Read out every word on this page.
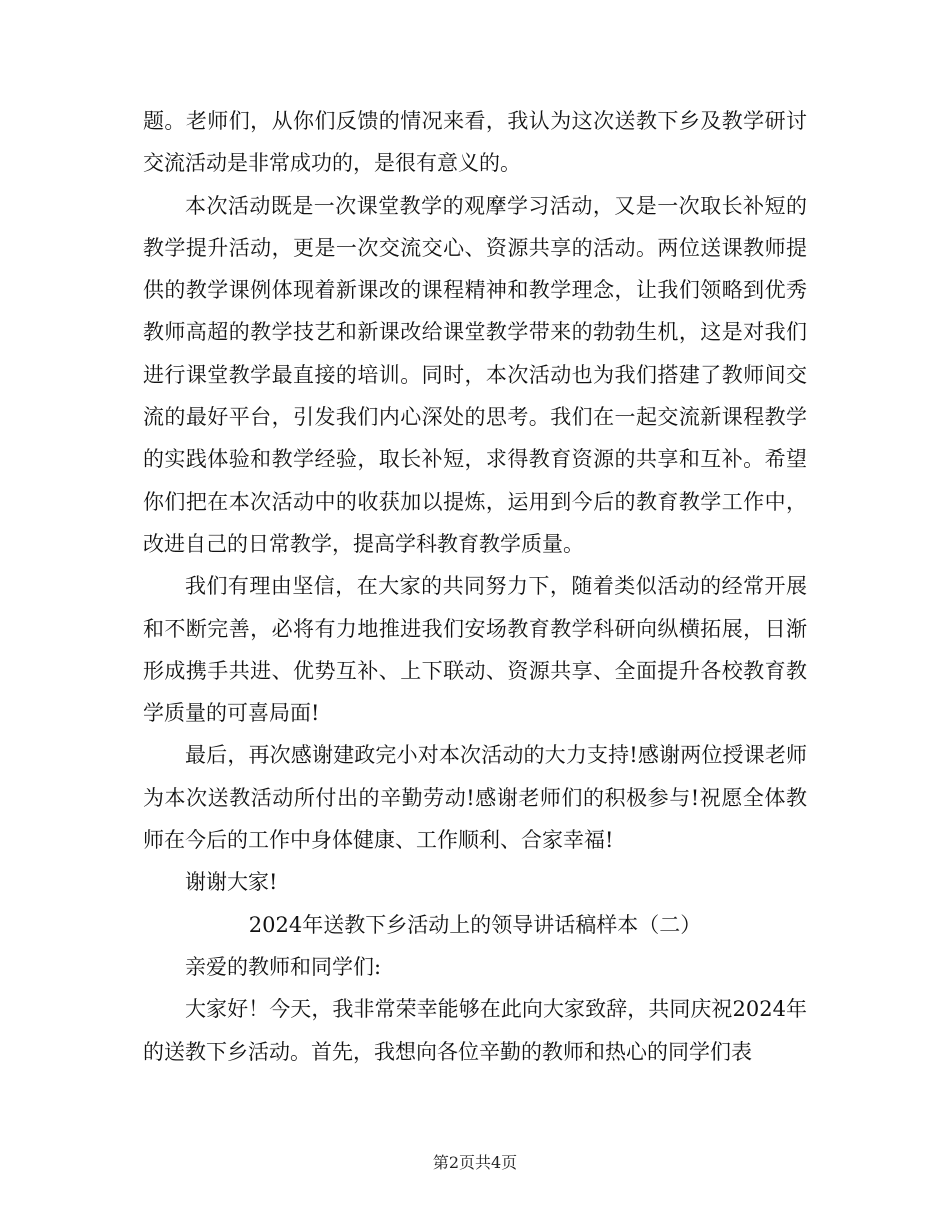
题。老师们，从你们反馈的情况来看，我认为这次送教下乡及教学研讨交流活动是非常成功的，是很有意义的。

本次活动既是一次课堂教学的观摩学习活动，又是一次取长补短的教学提升活动，更是一次交流交心、资源共享的活动。两位送课教师提供的教学课例体现着新课改的课程精神和教学理念，让我们领略到优秀教师高超的教学技艺和新课改给课堂教学带来的勃勃生机，这是对我们进行课堂教学最直接的培训。同时，本次活动也为我们搭建了教师间交流的最好平台，引发我们内心深处的思考。我们在一起交流新课程教学的实践体验和教学经验，取长补短，求得教育资源的共享和互补。希望你们把在本次活动中的收获加以提炼，运用到今后的教育教学工作中，改进自己的日常教学，提高学科教育教学质量。

我们有理由坚信，在大家的共同努力下，随着类似活动的经常开展和不断完善，必将有力地推进我们安场教育教学科研向纵横拓展，日渐形成携手共进、优势互补、上下联动、资源共享、全面提升各校教育教学质量的可喜局面!

最后，再次感谢建政完小对本次活动的大力支持!感谢两位授课老师为本次送教活动所付出的辛勤劳动!感谢老师们的积极参与!祝愿全体教师在今后的工作中身体健康、工作顺利、合家幸福!

谢谢大家!

2024年送教下乡活动上的领导讲话稿样本（二）

亲爱的教师和同学们:

大家好！今天，我非常荣幸能够在此向大家致辞，共同庆祝2024年的送教下乡活动。首先，我想向各位辛勤的教师和热心的同学们表

第2页共4页
